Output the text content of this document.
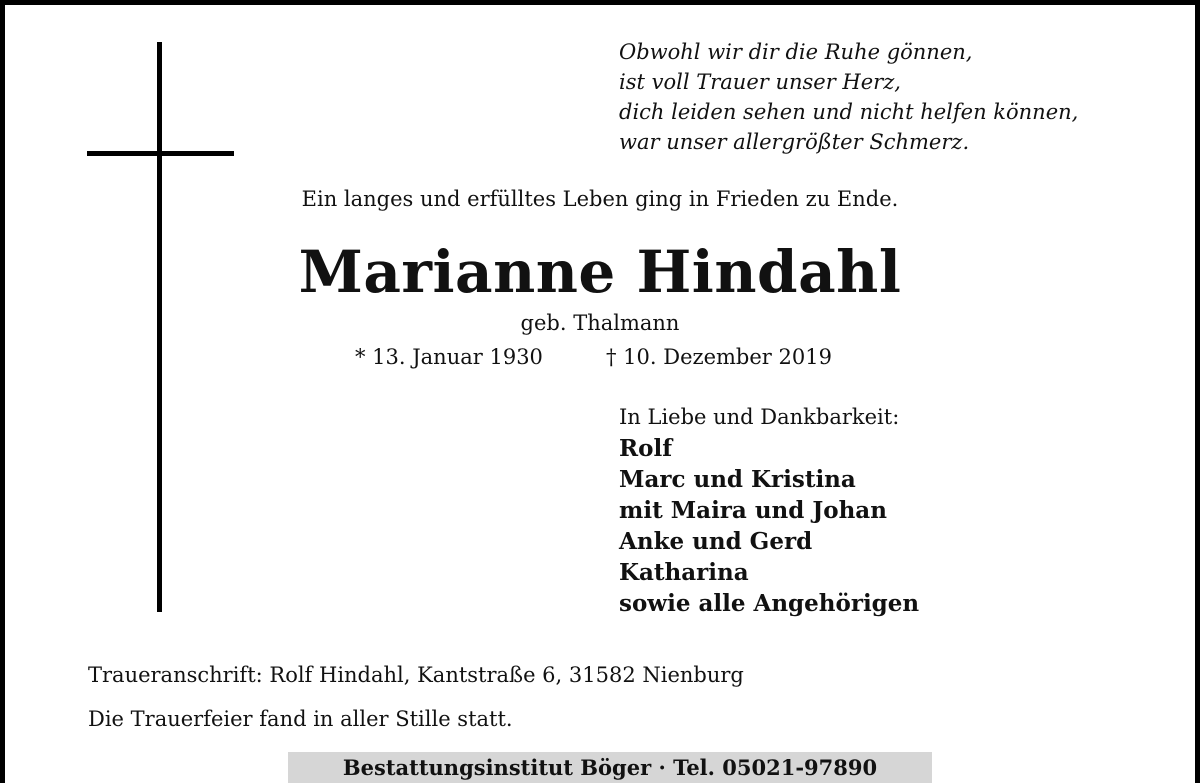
Obwohl wir dir die Ruhe gönnen,
ist voll Trauer unser Herz,
dich leiden sehen und nicht helfen können,
war unser allergrößter Schmerz.
Ein langes und erfülltes Leben ging in Frieden zu Ende.
Marianne Hindahl
geb. Thalmann
* 13. Januar 1930	† 10. Dezember 2019
In Liebe und Dankbarkeit:
Rolf
Marc und Kristina
mit Maira und Johan
Anke und Gerd
Katharina
sowie alle Angehörigen
Traueranschrift: Rolf Hindahl, Kantstraße 6, 31582 Nienburg
Die Trauerfeier fand in aller Stille statt.
Bestattungsinstitut Böger · Tel. 05021-97890
